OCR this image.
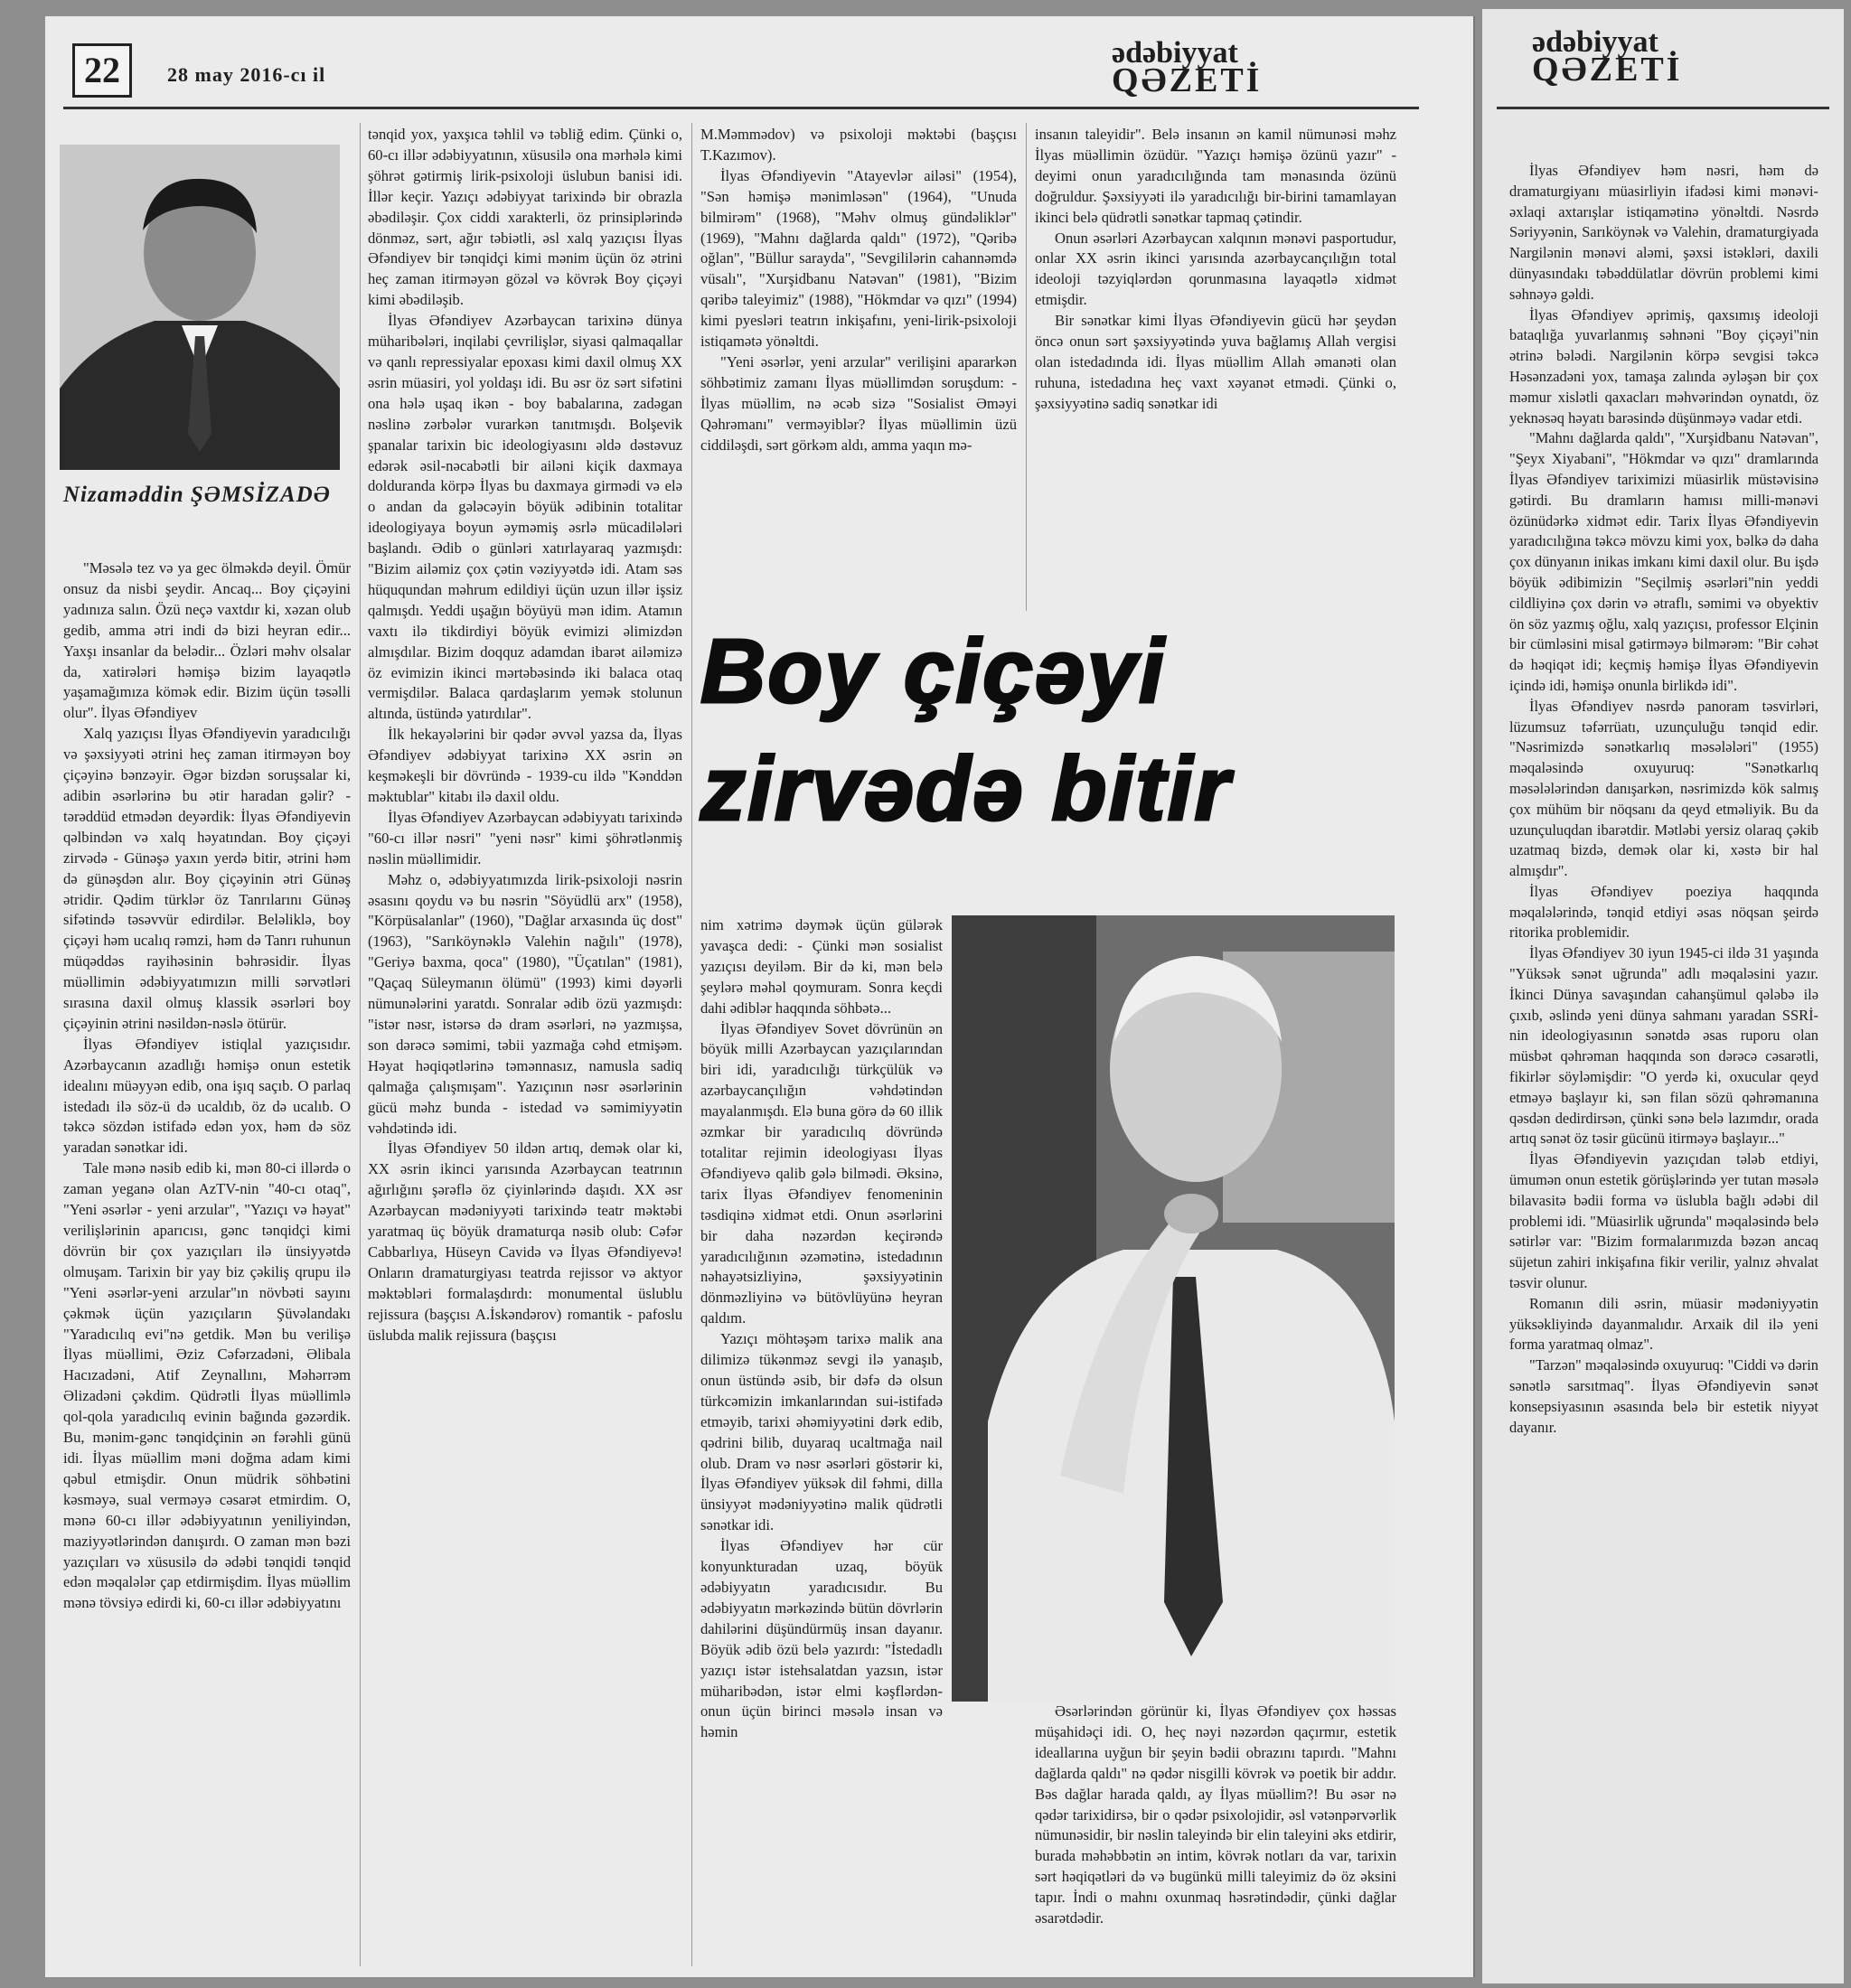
22	28 may 2016-cı il
ədəbiyyat
QƏZETİ
Nizaməddin ŞƏMSİZADƏ

"Məsələ tez və ya gec ölməkdə deyil. Ömür onsuz da nisbi şeydir. Ancaq... Boy çiçəyini yadınıza salın. Özü neçə vaxtdır ki, xəzan olub gedib, amma ətri indi də bizi heyran edir... Yaxşı insanlar da belədir... Özləri məhv olsalar da, xatirələri həmişə bizim layaqətlə yaşamağımıza kömək edir. Bizim üçün təsəlli olur". İlyas Əfəndiyev

Xalq yazıçısı İlyas Əfəndiyevin yaradıcılığı və şəxsiyyəti ətrini heç zaman itirməyən boy çiçəyinə bənzəyir. Əgər bizdən soruşsalar ki, adibin əsərlərinə bu ətir haradan gəlir? -tərəddüd etmədən deyərdik: İlyas Əfəndiyevin qəlbindən və xalq həyatından. Boy çiçəyi zirvədə - Günəşə yaxın yerdə bitir, ətrini həm də günəşdən alır. Boy çiçəyinin ətri Günəş ətridir. Qədim türklər öz Tanrılarını Günəş sifətində təsəvvür edirdilər. Beləliklə, boy çiçəyi həm ucalıq rəmzi, həm də Tanrı ruhunun müqəddəs rayihəsinin bəhrəsidir. İlyas müəllimin ədəbiyyatımızın milli sərvətləri sırasına daxil olmuş klassik əsərləri boy çiçəyinin ətrini nəsildən-nəslə ötürür.

İlyas Əfəndiyev istiqlal yazıçısıdır. Azərbaycanın azadlığı həmişə onun estetik idealını müəyyən edib, ona işıq saçıb. O parlaq istedadı ilə söz-ü də ucaldıb, öz də ucalıb. O təkcə sözdən istifadə edən yox, həm də söz yaradan sənətkar idi.

Tale mənə nəsib edib ki, mən 80-ci illərdə o zaman yeganə olan AzTV-nin "40-cı otaq", "Yeni əsərlər - yeni arzular", "Yazıçı və həyat" verilişlərinin aparıcısı, gənc tənqidçi kimi dövrün bir çox yazıçıları ilə ünsiyyətdə olmuşam. Tarixin bir yay biz çəkiliş qrupu ilə "Yeni əsərlər-yeni arzular"ın növbəti sayını çəkmək üçün yazıçıların Şüvəlandakı "Yaradıcılıq evi"nə getdik. Mən bu verilişə İlyas müəllimi, Əziz Cəfərzadəni, Əlibala Hacızadəni, Atif Zeynallını, Məhərrəm Əlizadəni çəkdim. Qüdrətli İlyas müəllimlə qol-qola yaradıcılıq evinin bağında gəzərdik. Bu, mənim-gənc tənqidçinin ən fərəhli günü idi. İlyas müəllim məni doğma adam kimi qəbul etmişdir. Onun müdrik söhbətini kəsməyə, sual verməyə cəsarət etmirdim. O, mənə 60-cı illər ədəbiyyatının yeniliyindən, maziyyətlərindən danışırdı. O zaman mən bəzi yazıçıları və xüsusilə də ədəbi tənqidi tənqid edən məqalələr çap etdirmişdim. İlyas müəllim mənə tövsiyə edirdi ki, 60-cı illər ədəbiyyatını

tənqid yox, yaxşıca təhlil və təbliğ edim. Çünki o, 60-cı illər ədəbiyyatının, xüsusilə ona mərhələ kimi şöhrət gətirmiş lirik-psixoloji üslubun banisi idi. İllər keçir. Yazıçı ədəbiyyat tarixində bir obrazla əbədiləşir. Çox ciddi xarakterli, öz prinsiplərində dönməz, sərt, ağır təbiətli, əsl xalq yazıçısı İlyas Əfəndiyev bir tənqidçi kimi mənim üçün öz ətrini heç zaman itirməyən gözəl və kövrək Boy çiçəyi kimi əbədiləşib.

İlyas Əfəndiyev Azərbaycan tarixinə dünya müharibələri, inqilabi çevrilişlər, siyasi qalmaqallar və qanlı repressiyalar epoxası kimi daxil olmuş XX əsrin müasiri, yol yoldaşı idi. Bu əsr öz sərt sifətini ona hələ uşaq ikən - boy babalarına, zadəgan nəslinə zərbələr vurarkən tanıtmışdı. Bolşevik şpanalar tarixin bic ideologiyasını əldə dəstəvuz edərək əsil-nəcabətli bir ailəni kiçik daxmaya dolduranda körpə İlyas bu daxmaya girmədi və elə o andan da gələcəyin böyük ədibinin totalitar ideologiyaya boyun əyməmiş əsrlə mücadilələri başlandı. Ədib o günləri xatırlayaraq yazmışdı: "Bizim ailəmiz çox çətin vəziyyətdə idi. Atam səs hüququndan məhrum edildiyi üçün uzun illər işsiz qalmışdı. Yeddi uşağın böyüyü mən idim. Atamın vaxtı ilə tikdirdiyi böyük evimizi əlimizdən almışdılar. Bizim doqquz adamdan ibarət ailəmizə öz evimizin ikinci mərtəbəsində iki balaca otaq vermişdilər. Balaca qardaşlarım yemək stolunun altında, üstündə yatırdılar".

İlk hekayələrini bir qədər əvvəl yazsa da, İlyas Əfəndiyev ədəbiyyat tarixinə XX əsrin ən keşməkeşli bir dövründə - 1939-cu ildə "Kənddən məktublar" kitabı ilə daxil oldu.

İlyas Əfəndiyev Azərbaycan ədəbiyyatı tarixində "60-cı illər nəsri" "yeni nəsr" kimi şöhrətlənmiş nəslin müəllimidir.

Məhz o, ədəbiyyatımızda lirik-psixoloji nəsrin əsasını qoydu və bu nəsrin "Söyüdlü arx" (1958), "Körpüsalanlar" (1960), "Dağlar arxasında üç dost" (1963), "Sarıköynəklə Valehin nağılı" (1978), "Geriyə baxma, qoca" (1980), "Üçatılan" (1981), "Qaçaq Süleymanın ölümü" (1993) kimi dəyərli nümunələrini yaratdı. Sonralar ədib özü yazmışdı: "istər nəsr, istərsə də dram əsərləri, nə yazmışsa, son dərəcə səmimi, təbii yazmağa cəhd etmişəm. Həyat həqiqətlərinə təmənnasız, namusla sadiq qalmağa çalışmışam". Yazıçının nəsr əsərlərinin gücü məhz bunda - istedad və səmimiyyətin vəhdətində idi.

İlyas Əfəndiyev 50 ildən artıq, demək olar ki, XX əsrin ikinci yarısında Azərbaycan teatrının ağırlığını şərəflə öz çiyinlərində daşıdı. XX əsr Azərbaycan mədəniyyəti tarixində teatr məktəbi yaratmaq üç böyük dramaturqa nəsib olub: Cəfər Cabbarlıya, Hüseyn Cavidə və İlyas Əfəndiyevə! Onların dramaturgiyası teatrda rejissor və aktyor məktəbləri formalaşdırdı: monumental üslublu rejissura (başçısı A.İskəndərov) romantik - pafoslu üslubda malik rejissura (başçısı

M.Məmmədov) və psixoloji məktəbi (başçısı T.Kazımov).

İlyas Əfəndiyevin "Atayevlər ailəsi" (1954), "Sən həmişə mənimləsən" (1964), "Unuda bilmirəm" (1968), "Məhv olmuş gündəliklər" (1969), "Mahnı dağlarda qaldı" (1972), "Qəribə oğlan", "Büllur sarayda", "Sevgililərin cahannəmdə vüsalı", "Xurşidbanu Natəvan" (1981), "Bizim qəribə taleyimiz" (1988), "Hökmdar və qızı" (1994) kimi pyesləri teatrın inkişafını, yeni-lirik-psixoloji istiqamətə yönəltdi.

"Yeni əsərlər, yeni arzular" verilişini apararkən söhbətimiz zamanı İlyas müəllimdən soruşdum: - İlyas müəllim, nə əcəb sizə "Sosialist Əməyi Qəhrəmanı" verməyiblər? İlyas müəllimin üzü ciddiləşdi, sərt görkəm aldı, amma yaqın mə-

insanın taleyidir". Belə insanın ən kamil nümunəsi məhz İlyas müəllimin özüdür. "Yazıçı həmişə özünü yazır" - deyimi onun yaradıcılığında tam mənasında özünü doğruldur. Şəxsiyyəti ilə yaradıcılığı bir-birini tamamlayan ikinci belə qüdrətli sənətkar tapmaq çətindir.

Onun əsərləri Azərbaycan xalqının mənəvi pasportudur, onlar XX əsrin ikinci yarısında azərbaycançılığın total ideoloji təzyiqlərdən qorunmasına layaqətlə xidmət etmişdir.

Bir sənətkar kimi İlyas Əfəndiyevin gücü hər şeydən öncə onun sərt şəxsiyyətində yuva bağlamış Allah vergisi olan istedadında idi. İlyas müəllim Allah əmanəti olan ruhuna, istedadına heç vaxt xəyanət etmədi. Çünki o, şəxsiyyətinə sadiq sənətkar idi

Boy çiçəyi
zirvədə bitir

nim xətrimə dəymək üçün gülərək yavaşca dedi: - Çünki mən sosialist yazıçısı deyiləm. Bir də ki, mən belə şeylərə məhəl qoymuram. Sonra keçdi dahi ədiblər haqqında söhbətə...

İlyas Əfəndiyev Sovet dövrünün ən böyük milli Azərbaycan yazıçılarından biri idi, yaradıcılığı türkçülük və azərbaycançılığın vəhdətindən mayalanmışdı. Elə buna görə də 60 illik əzmkar bir yaradıcılıq dövründə totalitar rejimin ideologiyası İlyas Əfəndiyevə qalib gələ bilmədi. Əksinə, tarix İlyas Əfəndiyev fenomeninin təsdiqinə xidmət etdi. Onun əsərlərini bir daha nəzərdən keçirəndə yaradıcılığının əzəmətinə, istedadının nəhayətsizliyinə, şəxsiyyətinin dönməzliyinə və bütövlüyünə heyran qaldım.

Yazıçı möhtəşəm tarixə malik ana dilimizə tükənməz sevgi ilə yanaşıb, onun üstündə əsib, bir dəfə də olsun türkcəmizin imkanlarından sui-istifadə etməyib, tarixi əhəmiyyətini dərk edib, qədrini bilib, duyaraq ucaltmağa nail olub. Dram və nəsr əsərləri göstərir ki, İlyas Əfəndiyev yüksək dil fəhmi, dilla ünsiyyət mədəniyyətinə malik qüdrətli sənətkar idi.

İlyas Əfəndiyev hər cür konyunkturadan uzaq, böyük ədəbiyyatın yaradıcısıdır. Bu ədəbiyyatın mərkəzində bütün dövrlərin dahilərini düşündürmüş insan dayanır. Böyük ədib özü belə yazırdı: "İstedadlı yazıçı istər istehsalatdan yazsın, istər müharibədən, istər elmi kəşflərdən-onun üçün birinci məsələ insan və həmin

Əsərlərindən görünür ki, İlyas Əfəndiyev çox həssas müşahidəçi idi. O, heç nəyi nəzərdən qaçırmır, estetik ideallarına uyğun bir şeyin bədii obrazını tapırdı. "Mahnı dağlarda qaldı" nə qədər nisgilli kövrək və poetik bir addır. Bəs dağlar harada qaldı, ay İlyas müəllim?! Bu əsər nə qədər tarixidirsə, bir o qədər psixolojidir, əsl vətənpərvərlik nümunəsidir, bir nəslin taleyində bir elin taleyini əks etdirir, burada məhəbbətin ən intim, kövrək notları da var, tarixin sərt həqiqətləri də və bugünkü milli taleyimiz də öz əksini tapır. İndi o mahnı oxunmaq həsrətindədir, çünki dağlar əsarətdədir.

ədəbiyyat
QƏZETİ

İlyas Əfəndiyev həm nəsri, həm də dramaturgiyanı müasirliyin ifadəsi kimi mənəvi-əxlaqi axtarışlar istiqamətinə yönəltdi. Nəsrdə Səriyyənin, Sarıköynək və Valehin, dramaturgiyada Nargilənin mənəvi aləmi, şəxsi istəkləri, daxili dünyasındakı təbəddülatlar dövrün problemi kimi səhnəyə gəldi.

İlyas Əfəndiyev əprimiş, qaxsımış ideoloji bataqlığa yuvarlanmış səhnəni "Boy çiçəyi"nin ətrinə bələdi. Nargilənin körpə sevgisi təkcə Həsənzadəni yox, tamaşa zalında əyləşən bir çox məmur xislətli qaxacları məhvərindən oynatdı, öz yeknəsəq həyatı barəsində düşünməyə vadar etdi.

"Mahnı dağlarda qaldı", "Xurşidbanu Natəvan", "Şeyx Xiyabani", "Hökmdar və qızı" dramlarında İlyas Əfəndiyev tariximizi müasirlik müstəvisinə gətirdi. Bu dramların hamısı milli-mənəvi özünüdərkə xidmət edir. Tarix İlyas Əfəndiyevin yaradıcılığına təkcə mövzu kimi yox, bəlkə də daha çox dünyanın inikas imkanı kimi daxil olur. Bu işdə böyük ədibimizin "Seçilmiş əsərləri"nin yeddi cildliyinə çox dərin və ətraflı, səmimi və obyektiv ön söz yazmış oğlu, xalq yazıçısı, professor Elçinin bir cümləsini misal gətirməyə bilmərəm: "Bir cəhət də həqiqət idi; keçmiş həmişə İlyas Əfəndiyevin içində idi, həmişə onunla birlikdə idi".

İlyas Əfəndiyev nəsrdə panoram təsvirləri, lüzumsuz təfərrüatı, uzunçuluğu tənqid edir. "Nəsrimizdə sənətkarlıq məsələləri" (1955) məqaləsində oxuyuruq: "Sənətkarlıq məsələlərindən danışarkən, nəsrimizdə kök salmış çox mühüm bir nöqsanı da qeyd etməliyik. Bu da uzunçuluqdan ibarətdir. Mətləbi yersiz olaraq çəkib uzatmaq bizdə, demək olar ki, xəstə bir hal almışdır".

İlyas Əfəndiyev poeziya haqqında məqalələrində, tənqid etdiyi əsas nöqsan şeirdə ritorika problemidir.

İlyas Əfəndiyev 30 iyun 1945-ci ildə 31 yaşında "Yüksək sənət uğrunda" adlı məqaləsini yazır. İkinci Dünya savaşından cahanşümul qələbə ilə çıxıb, əslində yeni dünya sahmanı yaradan SSRİ-nin ideologiyasının sənətdə əsas ruporu olan müsbət qəhrəman haqqında son dərəcə cəsarətli, fikirlər söyləmişdir: "O yerdə ki, oxucular qeyd etməyə başlayır ki, sən filan sözü qəhrəmanına qəsdən dedirdirsən, çünki sənə belə lazımdır, orada artıq sənət öz təsir gücünü itirməyə başlayır..."

İlyas Əfəndiyevin yazıçıdan tələb etdiyi, ümumən onun estetik görüşlərində yer tutan məsələ bilavasitə bədii forma və üslubla bağlı ədəbi dil problemi idi. "Müasirlik uğrunda" məqaləsində belə sətirlər var: "Bizim formalarımızda bəzən ancaq süjetun zahiri inkişafına fikir verilir, yalnız əhvalat təsvir olunur.

Romanın dili əsrin, müasir mədəniyyətin yüksəkliyində dayanmalıdır. Arxaik dil ilə yeni forma yaratmaq olmaz".

"Tarzən" məqaləsində oxuyuruq: "Ciddi və dərin sənətlə sarsıtmaq". İlyas Əfəndiyevin sənət konsepsiyasının əsasında belə bir estetik niyyət dayanır.
